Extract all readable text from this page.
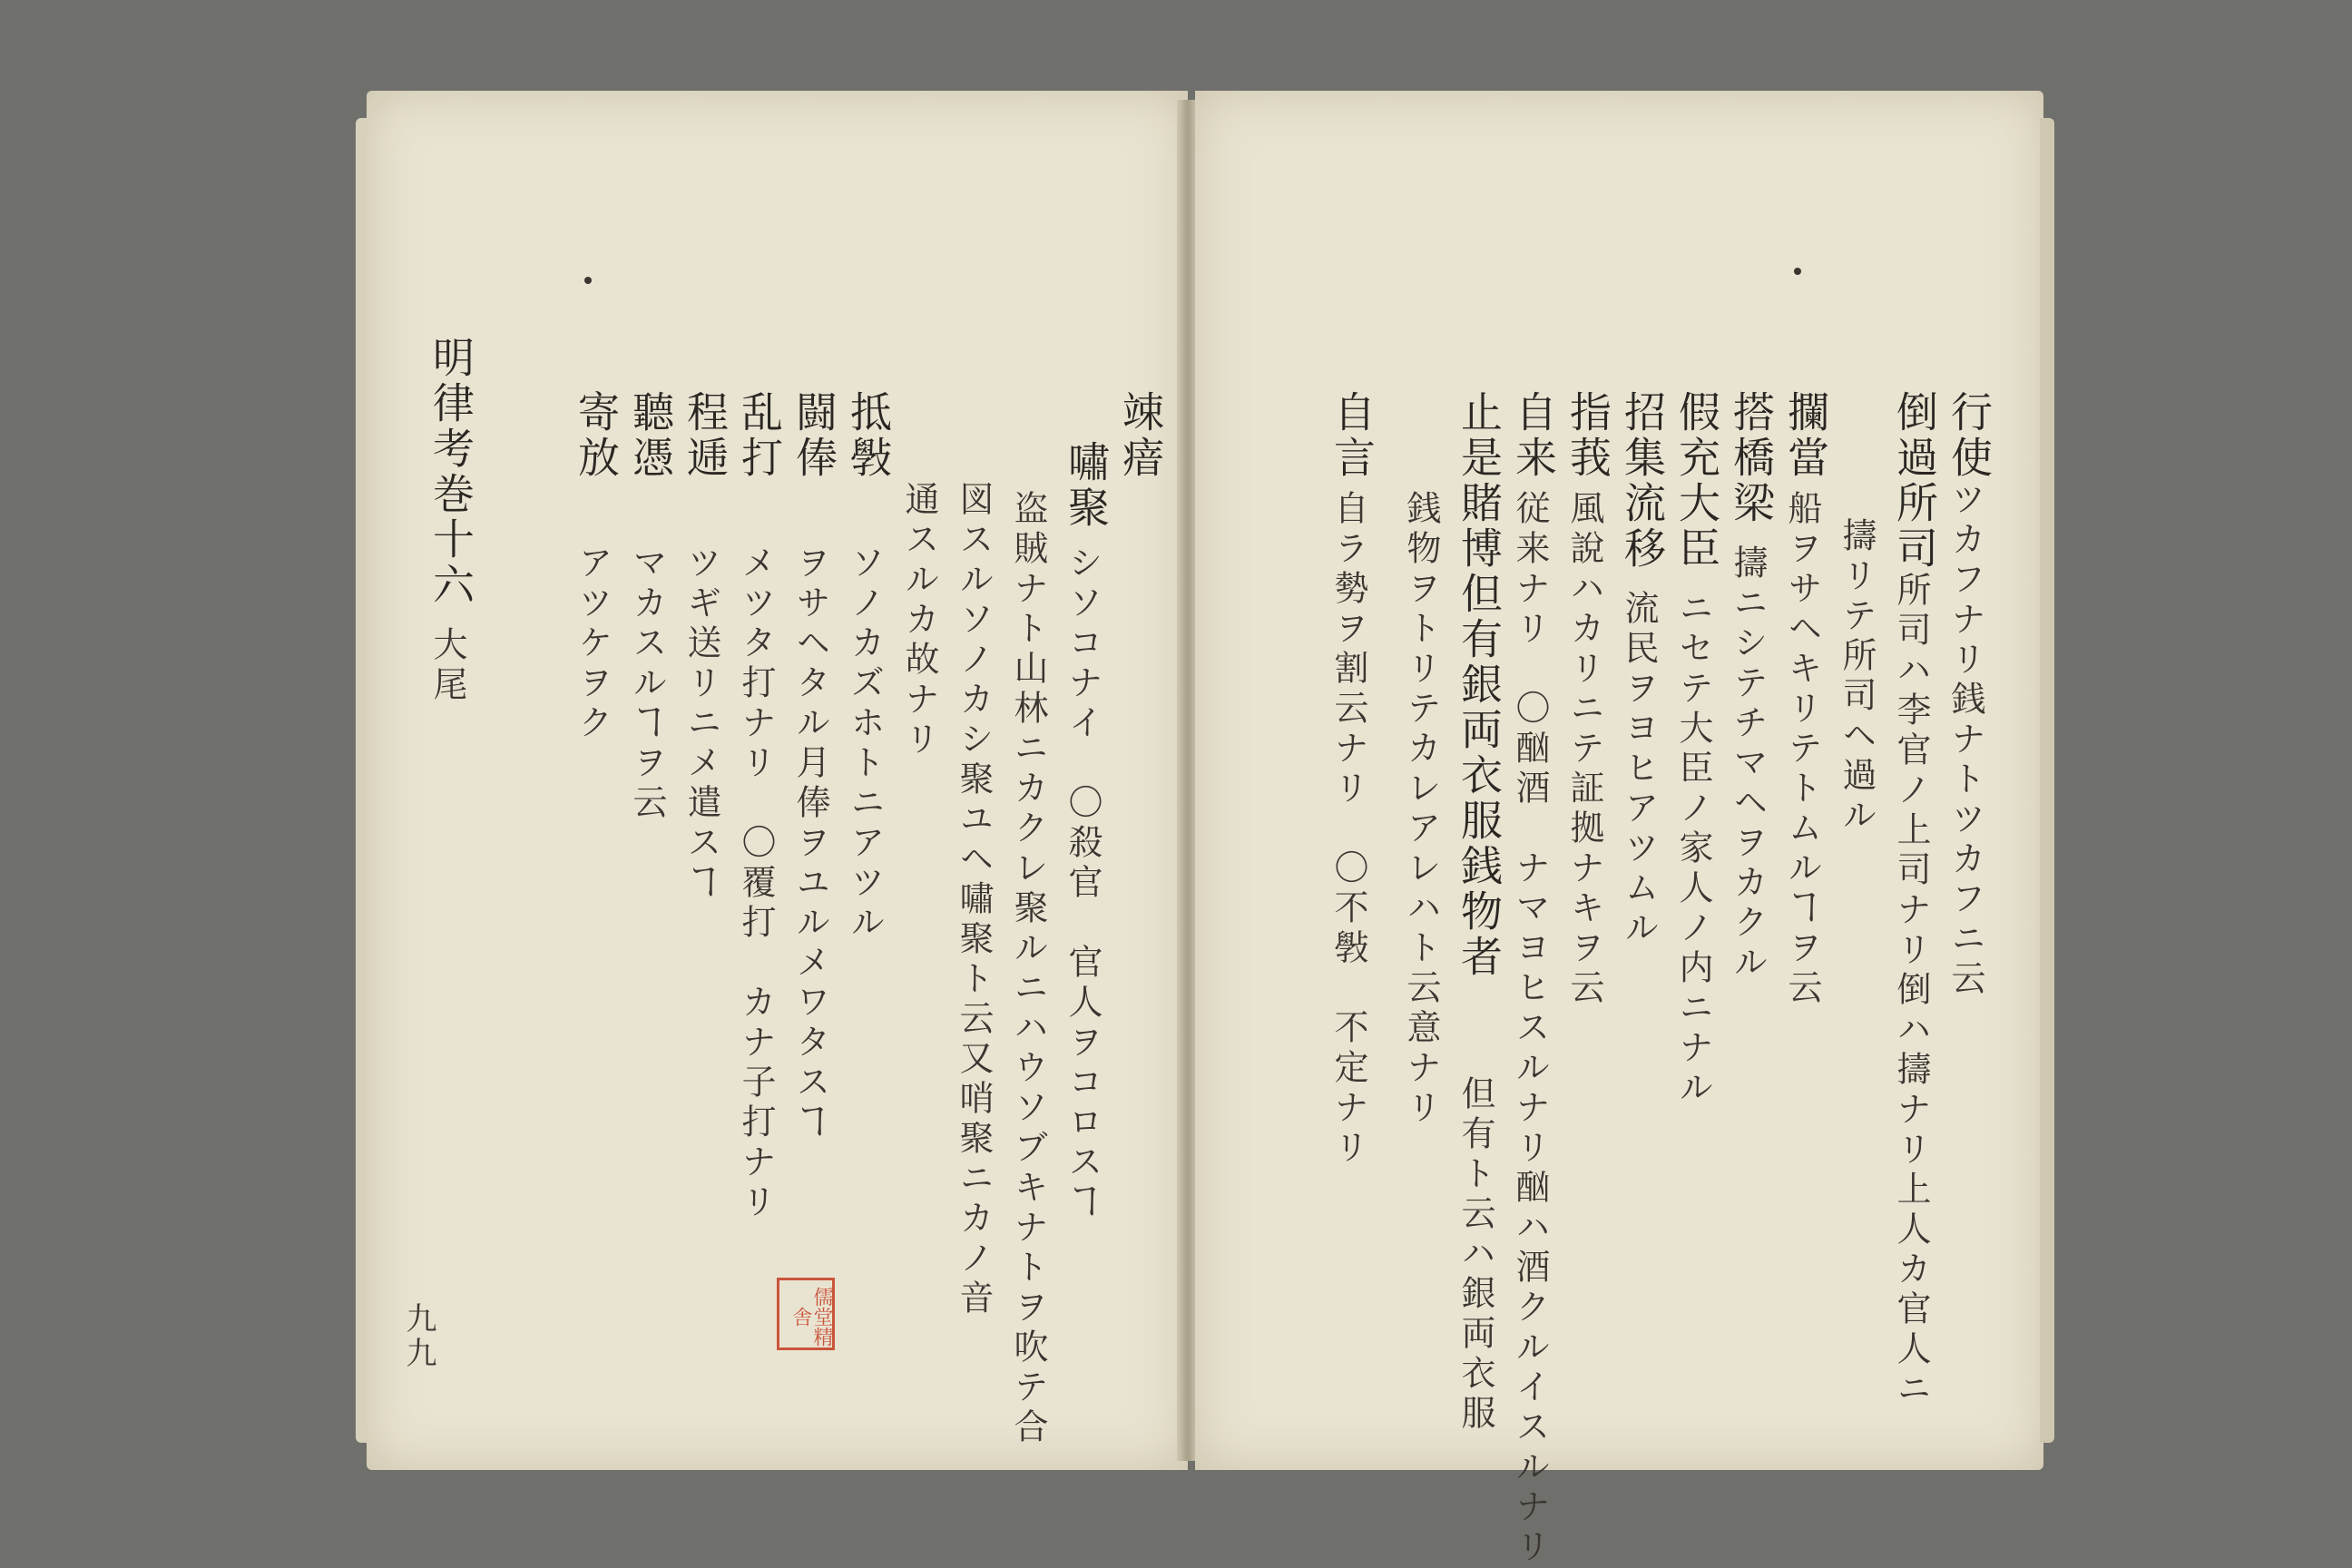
竦瘖
シソコナイ　〇殺官　官人ヲコロスヿ
嘯聚
盗賊ナト山林ニカクレ聚ルニハウソブキナトヲ吹テ合
図スルソノカシ聚ユヘ嘯聚ト云又哨聚ニカノ音
通スルカ故ナリ
抵斅
ソノカズホトニアツル
闘俸
ヲサヘタル月俸ヲユルメワタスヿ
乱打
メツタ打ナリ　〇覆打　カナ子打ナリ
程逓
ツギ送リニメ遣スヿ
聽憑
マカスルヿヲ云
寄放
アツケヲク
明律考巻十六
大尾
九九	儒堂精舎
行使
ツカフナリ銭ナトツカフニ云
倒過所司
所司ハ李官ノ上司ナリ倒ハ擣ナリ上人カ官人ニ
擣リテ所司ヘ過ル
攔當
船ヲサヘキリテトムルヿヲ云
搭橋梁
擣ニシテチマヘヲカクル
假充大臣
ニセテ大臣ノ家人ノ内ニナル
招集流移
流民ヲヨヒアツムル
指莪
風說ハカリニテ証拠ナキヲ云
自来
従来ナリ　〇酗酒　ナマヨヒスルナリ酗ハ酒クルイスルナリ
止是賭博但有銀両衣服銭物者
但有ト云ハ銀両衣服
銭物ヲトリテカレアレハト云意ナリ
自言
自ラ勢ヲ割云ナリ　〇不斅　不定ナリ
